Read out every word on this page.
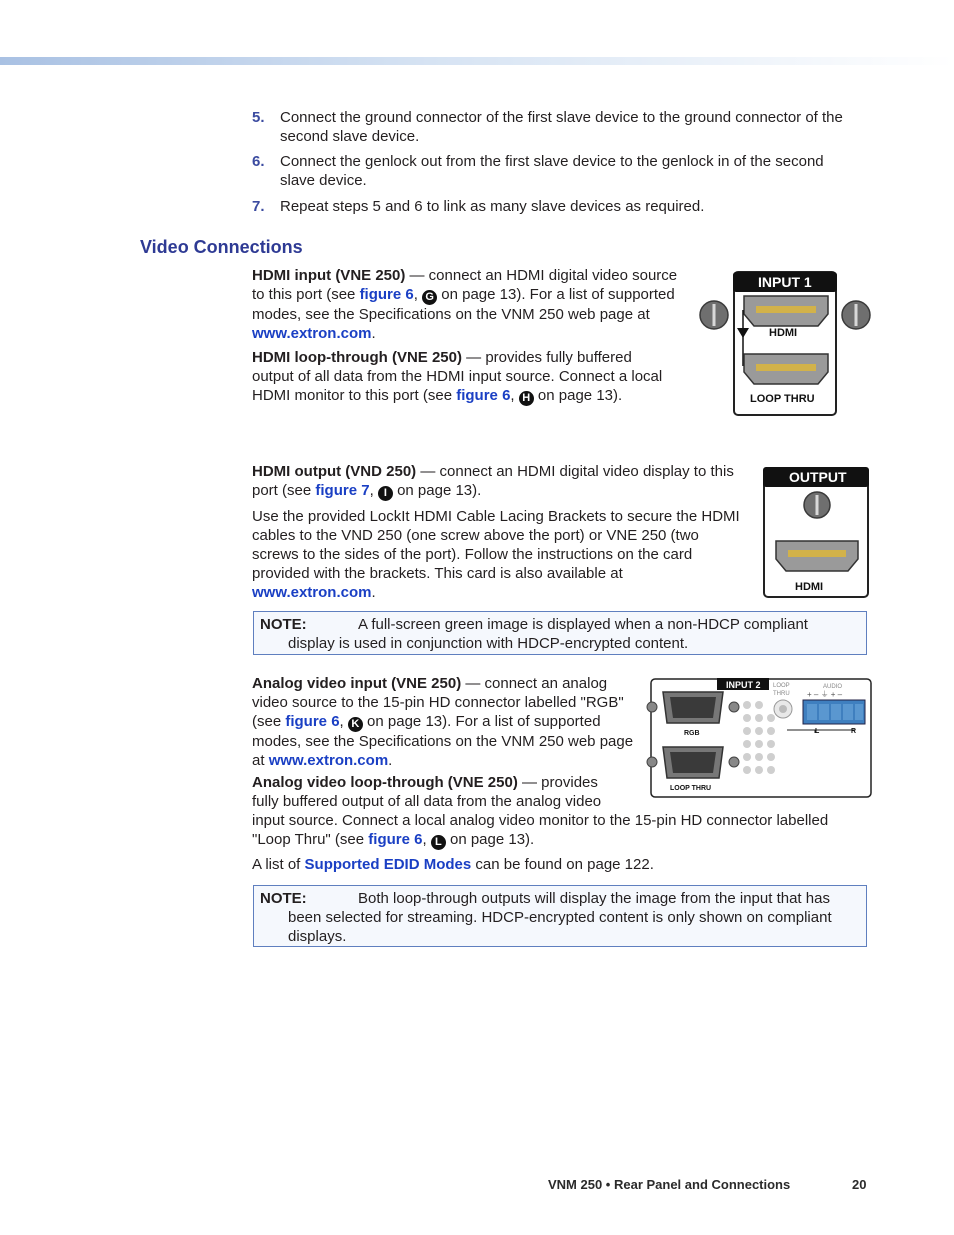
5. Connect the ground connector of the first slave device to the ground connector of the second slave device.
6. Connect the genlock out from the first slave device to the genlock in of the second slave device.
7. Repeat steps 5 and 6 to link as many slave devices as required.
Video Connections

HDMI input (VNE 250) — connect an HDMI digital video source to this port (see figure 6, G on page 13). For a list of supported modes, see the Specifications on the VNM 250 web page at www.extron.com.

HDMI loop-through (VNE 250) — provides fully buffered output of all data from the HDMI input source. Connect a local HDMI monitor to this port (see figure 6, H on page 13).

INPUT 1
HDMI
LOOP THRU

HDMI output (VND 250) — connect an HDMI digital video display to this port (see figure 7, I on page 13).

Use the provided LockIt HDMI Cable Lacing Brackets to secure the HDMI cables to the VND 250 (one screw above the port) or VNE 250 (two screws to the sides of the port). Follow the instructions on the card provided with the brackets. This card is also available at www.extron.com.

OUTPUT
HDMI
NOTE:	A full-screen green image is displayed when a non-HDCP compliant display is used in conjunction with HDCP-encrypted content.

Analog video input (VNE 250) — connect an analog video source to the 15-pin HD connector labelled "RGB" (see figure 6, K on page 13). For a list of supported modes, see the Specifications on the VNM 250 web page at www.extron.com.

Analog video loop-through (VNE 250) — provides fully buffered output of all data from the analog video input source. Connect a local analog video monitor to the 15-pin HD connector labelled "Loop Thru" (see figure 6, L on page 13).

INPUT 2
RGB
LOOP THRU
LOOP
THRU
AUDIO
+ – ⏚ + –
L	R

A list of Supported EDID Modes can be found on page 122.

NOTE:	Both loop-through outputs will display the image from the input that has been selected for streaming. HDCP-encrypted content is only shown on compliant displays.
VNM 250 • Rear Panel and Connections	20
